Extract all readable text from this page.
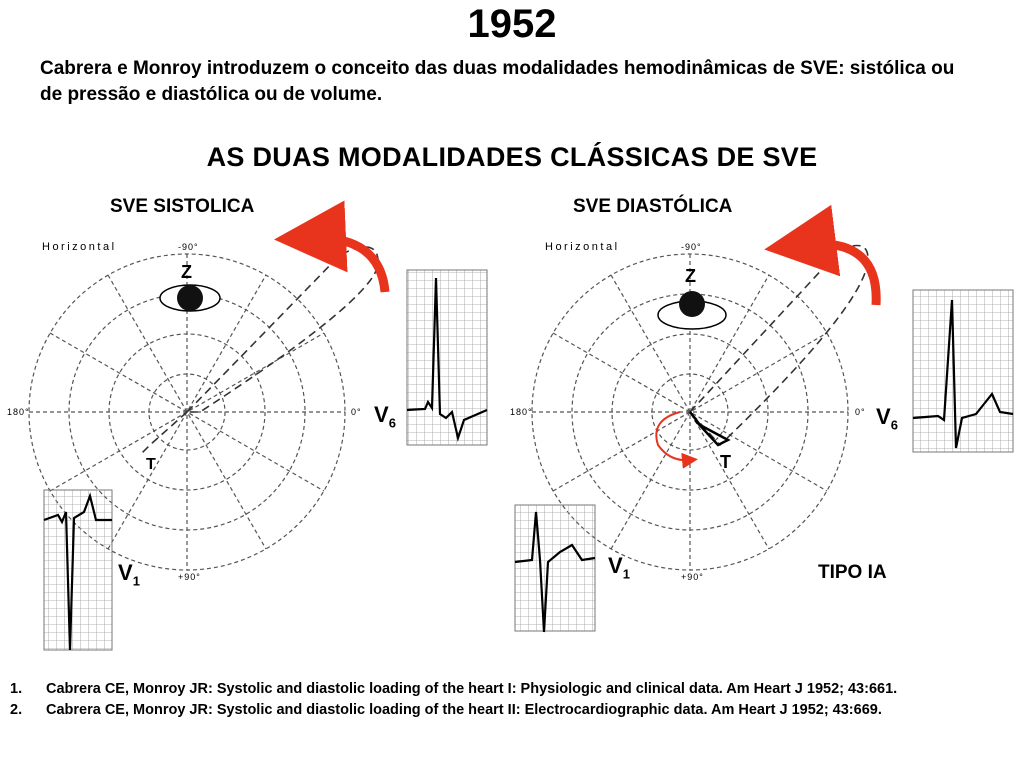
1952
Cabrera e Monroy introduzem o conceito das duas modalidades hemodinâmicas de SVE: sistólica ou de pressão e diastólica ou de volume.
AS DUAS MODALIDADES CLÁSSICAS DE SVE
SVE SISTOLICA	SVE DIASTÓLICA
Horizontal	-90°
180°	0°
+90°
Z
T
$V_6$
$V_1$
Horizontal	-90°
180°	0°
+90°
Z
T
$V_6$
$V_1$	TIPO IA
1.	Cabrera CE, Monroy JR: Systolic and diastolic loading of the heart I: Physiologic and clinical data. Am Heart J 1952; 43:661.
2.	Cabrera CE, Monroy JR: Systolic and diastolic loading of the heart II: Electrocardiographic data. Am Heart J 1952; 43:669.
